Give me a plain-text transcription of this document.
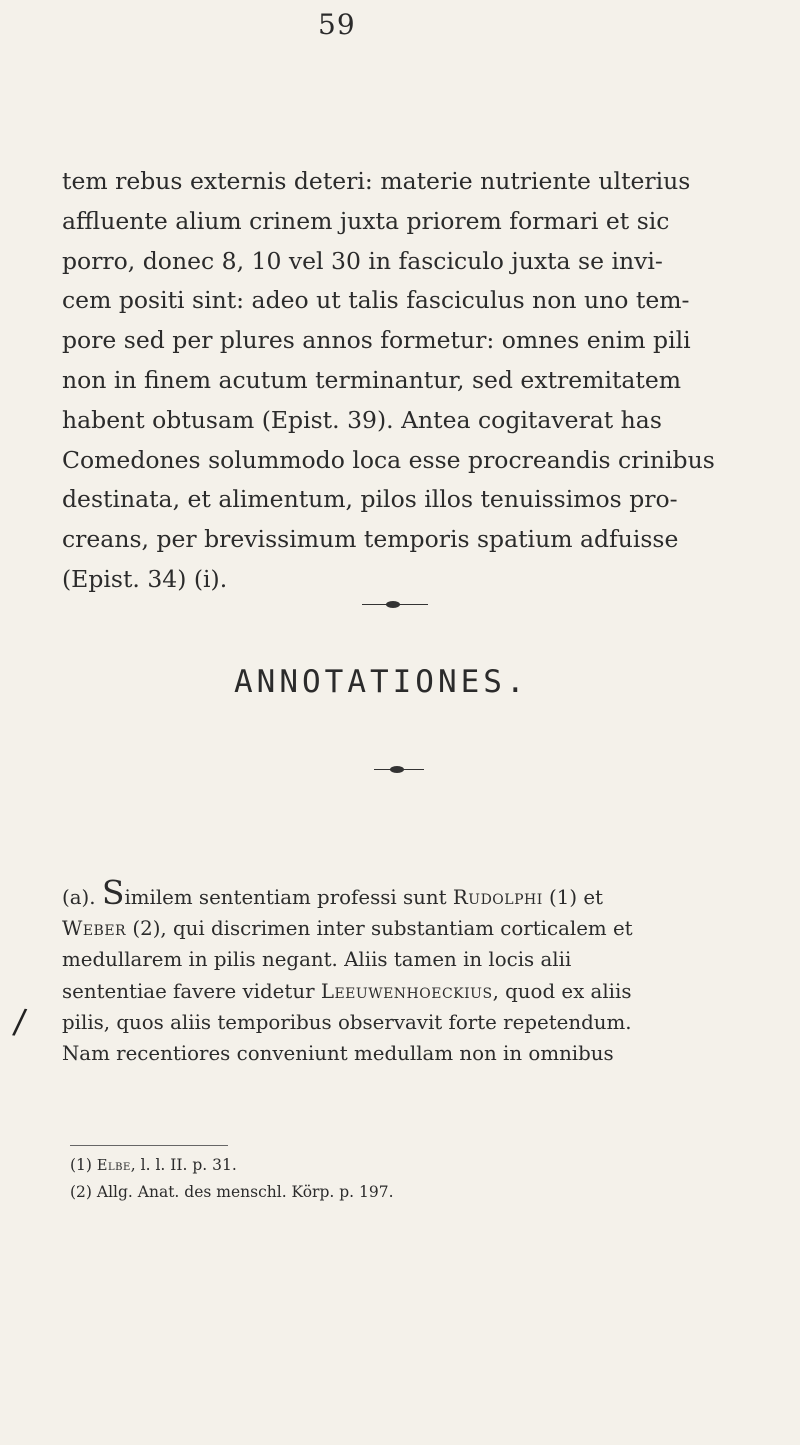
59
tem rebus externis deteri: materie nutriente ulterius
affluente alium crinem juxta priorem formari et sic
porro, donec 8, 10 vel 30 in fasciculo juxta se invi-
cem positi sint: adeo ut talis fasciculus non uno tem-
pore sed per plures annos formetur: omnes enim pili
non in finem acutum terminantur, sed extremitatem
habent obtusam (Epist. 39). Antea cogitaverat has
Comedones solummodo loca esse procreandis crinibus
destinata, et alimentum, pilos illos tenuissimos pro-
creans, per brevissimum temporis spatium adfuisse
(Epist. 34) (i).
ANNOTATIONES.
(a). Similem sententiam professi sunt Rudolphi (1) et
Weber (2), qui discrimen inter substantiam corticalem et
medullarem in pilis negant. Aliis tamen in locis alii
sententiae favere videtur Leeuwenhoeckius, quod ex aliis
pilis, quos aliis temporibus observavit forte repetendum.
Nam recentiores conveniunt medullam non in omnibus
/
(1) Elbe, l. l. II. p. 31.
(2) Allg. Anat. des menschl. Körp. p. 197.
